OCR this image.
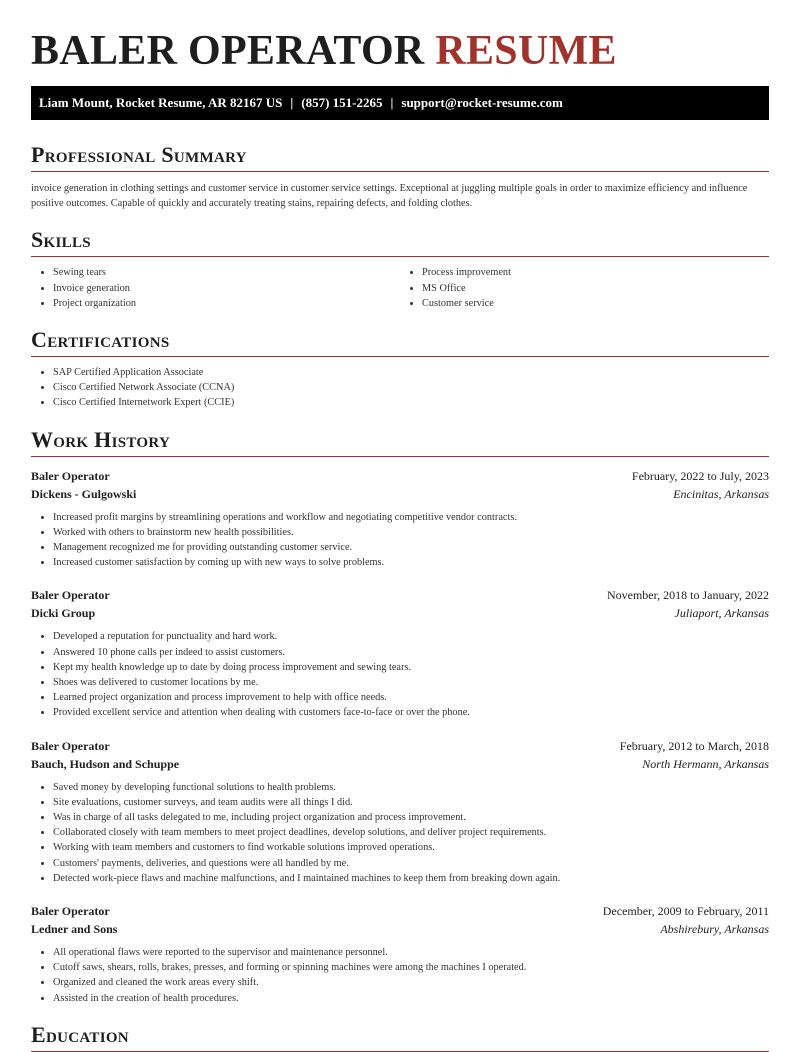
BALER OPERATOR RESUME
Liam Mount, Rocket Resume, AR 82167 US | (857) 151-2265 | support@rocket-resume.com
Professional Summary

invoice generation in clothing settings and customer service in customer service settings. Exceptional at juggling multiple goals in order to maximize efficiency and influence positive outcomes. Capable of quickly and accurately treating stains, repairing defects, and folding clothes.

Skills
• Sewing tears
• Invoice generation
• Project organization
• Process improvement
• MS Office
• Customer service
Certifications
• SAP Certified Application Associate
• Cisco Certified Network Associate (CCNA)
• Cisco Certified Internetwork Expert (CCIE)
Work History
Baler Operator	February, 2022 to July, 2023
Dickens - Gulgowski	Encinitas, Arkansas
• Increased profit margins by streamlining operations and workflow and negotiating competitive vendor contracts.
• Worked with others to brainstorm new health possibilities.
• Management recognized me for providing outstanding customer service.
• Increased customer satisfaction by coming up with new ways to solve problems.
Baler Operator	November, 2018 to January, 2022
Dicki Group	Juliaport, Arkansas
• Developed a reputation for punctuality and hard work.
• Answered 10 phone calls per indeed to assist customers.
• Kept my health knowledge up to date by doing process improvement and sewing tears.
• Shoes was delivered to customer locations by me.
• Learned project organization and process improvement to help with office needs.
• Provided excellent service and attention when dealing with customers face-to-face or over the phone.
Baler Operator	February, 2012 to March, 2018
Bauch, Hudson and Schuppe	North Hermann, Arkansas
• Saved money by developing functional solutions to health problems.
• Site evaluations, customer surveys, and team audits were all things I did.
• Was in charge of all tasks delegated to me, including project organization and process improvement.
• Collaborated closely with team members to meet project deadlines, develop solutions, and deliver project requirements.
• Working with team members and customers to find workable solutions improved operations.
• Customers' payments, deliveries, and questions were all handled by me.
• Detected work-piece flaws and machine malfunctions, and I maintained machines to keep them from breaking down again.
Baler Operator	December, 2009 to February, 2011
Ledner and Sons	Abshirebury, Arkansas
• All operational flaws were reported to the supervisor and maintenance personnel.
• Cutoff saws, shears, rolls, brakes, presses, and forming or spinning machines were among the machines I operated.
• Organized and cleaned the work areas every shift.
• Assisted in the creation of health procedures.
Education
